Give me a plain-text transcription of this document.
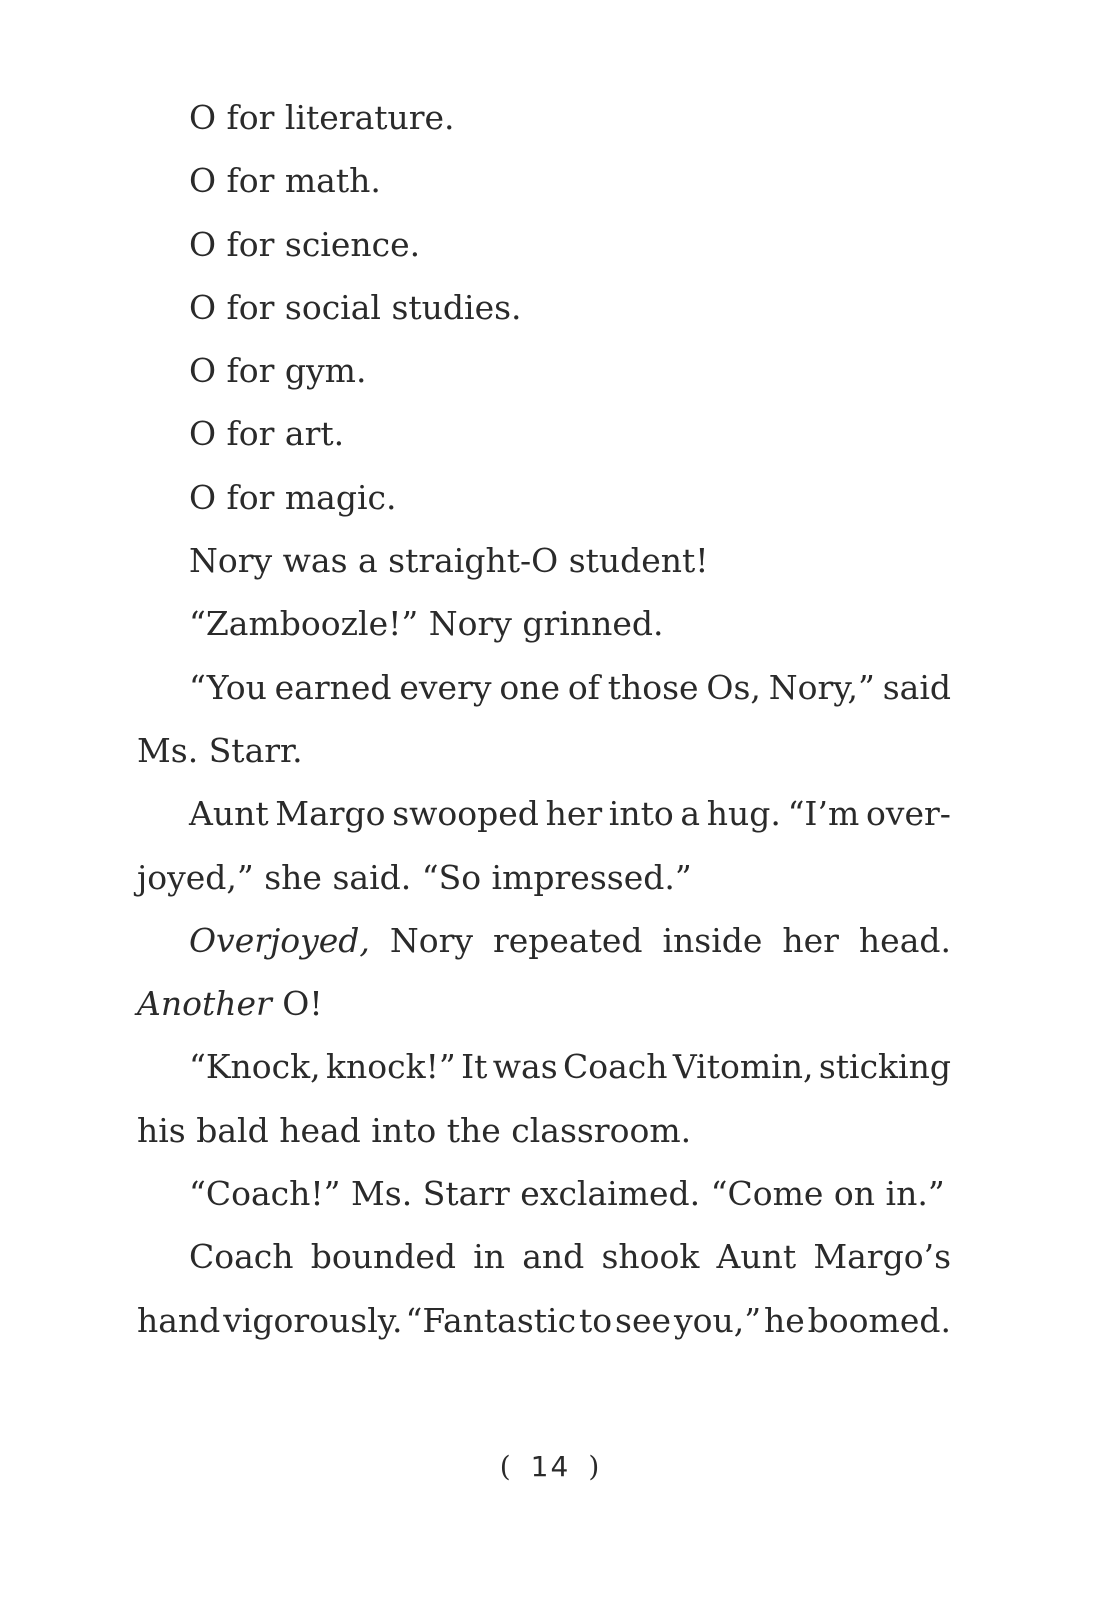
O for literature.
O for math.
O for science.
O for social studies.
O for gym.
O for art.
O for magic.
Nory was a straight-O student!
“Zamboozle!” Nory grinned.
“You earned every one of those Os, Nory,” said
Ms. Starr.
Aunt Margo swooped her into a hug. “I’m over-
joyed,” she said. “So impressed.”
Overjoyed, Nory repeated inside her head.
Another O!
“Knock, knock!” It was Coach Vitomin, sticking
his bald head into the classroom.
“Coach!” Ms. Starr exclaimed. “Come on in.”
Coach bounded in and shook Aunt Margo’s
hand vigorously. “Fantastic to see you,” he boomed.
( 14 )
